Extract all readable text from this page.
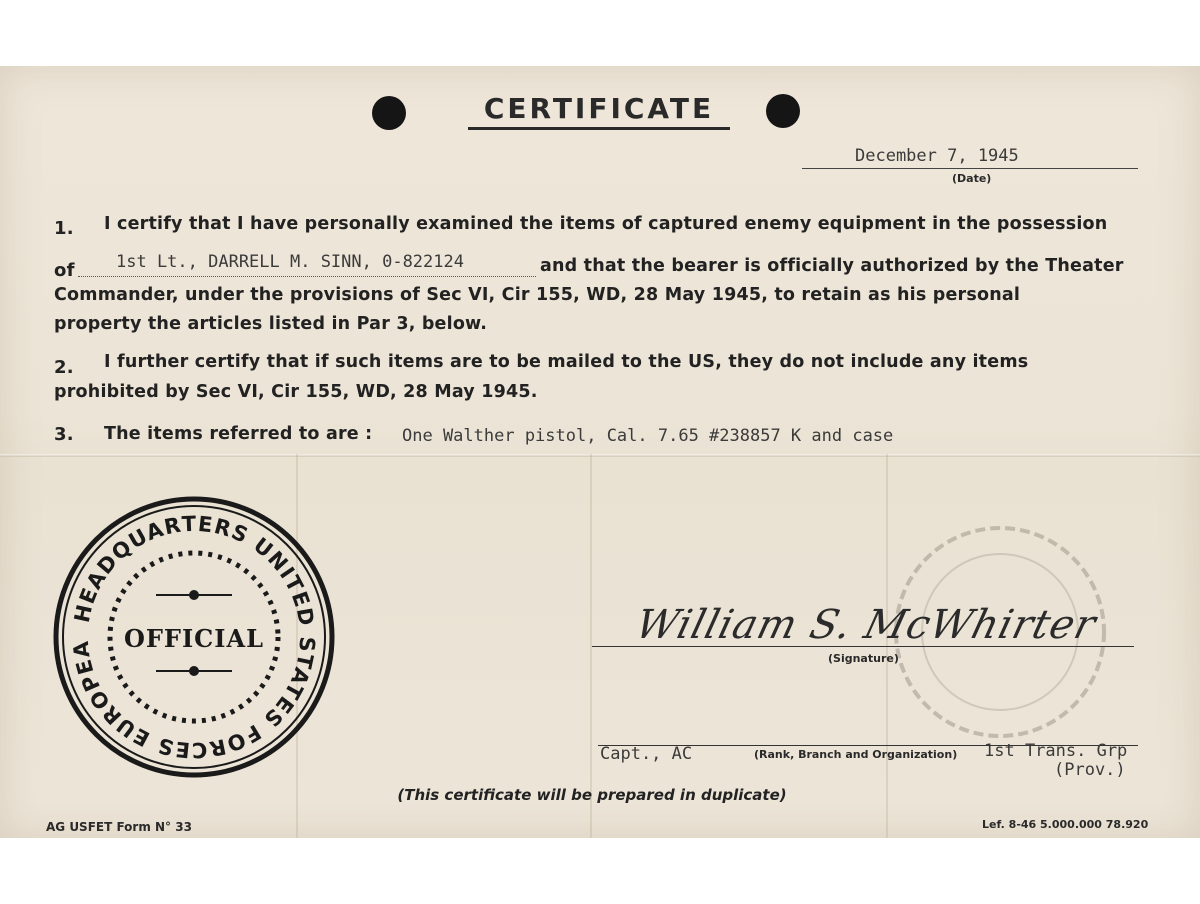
CERTIFICATE
December 7, 1945
(Date)
1. I certify that I have personally examined the items of captured enemy equipment in the possession
of 1st Lt., DARRELL M. SINN, 0-822124	and that the bearer is officially authorized by the Theater
Commander, under the provisions of Sec VI, Cir 155, WD, 28 May 1945, to retain as his personal
property the articles listed in Par 3, below.
2. I further certify that if such items are to be mailed to the US, they do not include any items
prohibited by Sec VI, Cir 155, WD, 28 May 1945.
3. The items referred to are : One Walther pistol, Cal. 7.65 #238857 K and case
HEADQUARTERS UNITED STATES FORCES EUROPEA	OFFICIAL	William S. McWhirter
(Signature)
Capt., AC	(Rank, Branch and Organization) 1st Trans. Grp
(Prov.)
(This certificate will be prepared in duplicate)
AG USFET Form N° 33	Lef. 8-46 5.000.000 78.920
